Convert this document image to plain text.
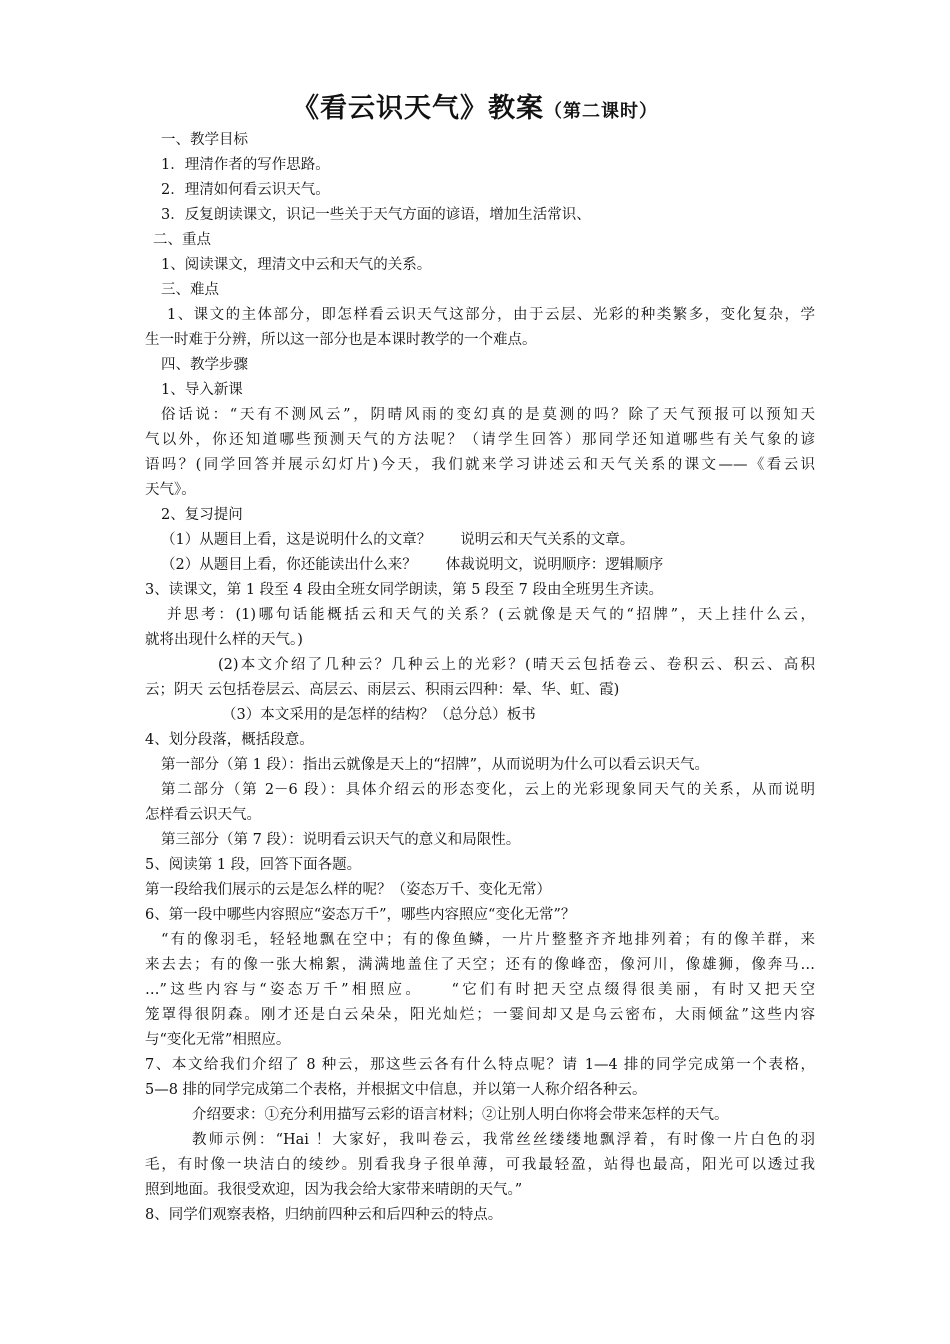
《看云识天气》教案（第二课时）
一、教学目标
1．理清作者的写作思路。
2．理清如何看云识天气。
3．反复朗读课文，识记一些关于天气方面的谚语，增加生活常识、
二、重点
1、阅读课文，理清文中云和天气的关系。
三、难点
1、课文的主体部分，即怎样看云识天气这部分，由于云层、光彩的种类繁多，变化复杂，学
生一时难于分辨，所以这一部分也是本课时教学的一个难点。
四、教学步骤
1、导入新课
俗话说：“天有不测风云”，阴晴风雨的变幻真的是莫测的吗？除了天气预报可以预知天
气以外，你还知道哪些预测天气的方法呢？（请学生回答）那同学还知道哪些有关气象的谚
语吗？(同学回答并展示幻灯片)今天，我们就来学习讲述云和天气关系的课文——《看云识
天气》。
2、复习提问
（1）从题目上看，这是说明什么的文章？　　说明云和天气关系的文章。
（2）从题目上看，你还能读出什么来？　　体裁说明文，说明顺序：逻辑顺序
3、读课文，第 1 段至 4 段由全班女同学朗读，第 5 段至 7 段由全班男生齐读。
并思考：(1)哪句话能概括云和天气的关系？(云就像是天气的“招牌”，天上挂什么云，
就将出现什么样的天气。)
(2)本文介绍了几种云？几种云上的光彩？(晴天云包括卷云、卷积云、积云、高积
云；阴天 云包括卷层云、高层云、雨层云、积雨云四种：晕、华、虹、霞)
（3）本文采用的是怎样的结构？（总分总）板书
4、划分段落，概括段意。
第一部分（第 1 段）：指出云就像是天上的“招牌”，从而说明为什么可以看云识天气。
第二部分（第 2－6 段）：具体介绍云的形态变化，云上的光彩现象同天气的关系，从而说明
怎样看云识天气。
第三部分（第 7 段）：说明看云识天气的意义和局限性。
5、阅读第 1 段，回答下面各题。
第一段给我们展示的云是怎么样的呢？（姿态万千、变化无常）
6、第一段中哪些内容照应“姿态万千”，哪些内容照应“变化无常”？
“有的像羽毛，轻轻地飘在空中；有的像鱼鳞，一片片整整齐齐地排列着；有的像羊群，来
来去去；有的像一张大棉絮，满满地盖住了天空；还有的像峰峦，像河川，像雄狮，像奔马…
…”这些内容与“姿态万千”相照应。　　“它们有时把天空点缀得很美丽，有时又把天空
笼罩得很阴森。刚才还是白云朵朵，阳光灿烂；一霎间却又是乌云密布，大雨倾盆”这些内容
与“变化无常”相照应。
7、本文给我们介绍了 8 种云，那这些云各有什么特点呢？请 1—4 排的同学完成第一个表格，
5—8 排的同学完成第二个表格，并根据文中信息，并以第一人称介绍各种云。
介绍要求：①充分利用描写云彩的语言材料；②让别人明白你将会带来怎样的天气。
教师示例：“Hai ！大家好，我叫卷云，我常丝丝缕缕地飘浮着，有时像一片白色的羽
毛，有时像一块洁白的绫纱。别看我身子很单薄，可我最轻盈，站得也最高，阳光可以透过我
照到地面。我很受欢迎，因为我会给大家带来晴朗的天气。”
8、同学们观察表格，归纳前四种云和后四种云的特点。
